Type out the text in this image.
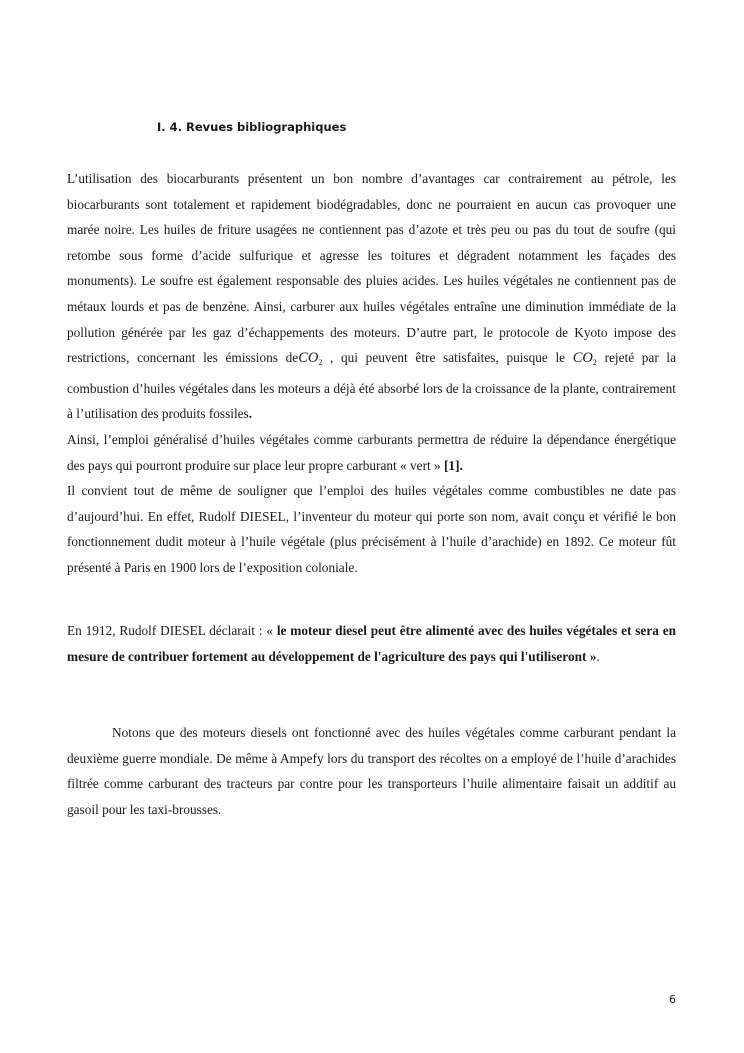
I. 4. Revues bibliographiques

L’utilisation des biocarburants présentent un bon nombre d’avantages car contrairement au pétrole, les biocarburants sont totalement et rapidement biodégradables, donc ne pourraient en aucun cas provoquer une marée noire. Les huiles de friture usagées ne contiennent pas d’azote et très peu ou pas du tout de soufre (qui retombe sous forme d’acide sulfurique et agresse les toitures et dégradent notamment les façades des monuments). Le soufre est également responsable des pluies acides. Les huiles végétales ne contiennent pas de métaux lourds et pas de benzène. Ainsi, carburer aux huiles végétales entraîne une diminution immédiate de la pollution générée par les gaz d’échappements des moteurs. D’autre part, le protocole de Kyoto impose des restrictions, concernant les émissions deCO$_2$ , qui peuvent être satisfaites, puisque le $CO_2$ rejeté par la combustion d’huiles végétales dans les moteurs a déjà été absorbé lors de la croissance de la plante, contrairement à l’utilisation des produits fossiles.
Ainsi, l’emploi généralisé d’huiles végétales comme carburants permettra de réduire la dépendance énergétique des pays qui pourront produire sur place leur propre carburant « vert » [1].
Il convient tout de même de souligner que l’emploi des huiles végétales comme combustibles ne date pas d’aujourd’hui. En effet, Rudolf DIESEL, l’inventeur du moteur qui porte son nom, avait conçu et vérifié le bon fonctionnement dudit moteur à l’huile végétale (plus précisément à l’huile d’arachide) en 1892. Ce moteur fût présenté à Paris en 1900 lors de l’exposition coloniale.

En 1912, Rudolf DIESEL déclarait : « le moteur diesel peut être alimenté avec des huiles végétales et sera en mesure de contribuer fortement au développement de l'agriculture des pays qui l'utiliseront ».

Notons que des moteurs diesels ont fonctionné avec des huiles végétales comme carburant pendant la deuxième guerre mondiale. De même à Ampefy lors du transport des récoltes on a employé de l’huile d’arachides filtrée comme carburant des tracteurs par contre pour les transporteurs l’huile alimentaire faisait un additif au gasoil pour les taxi-brousses.

6
